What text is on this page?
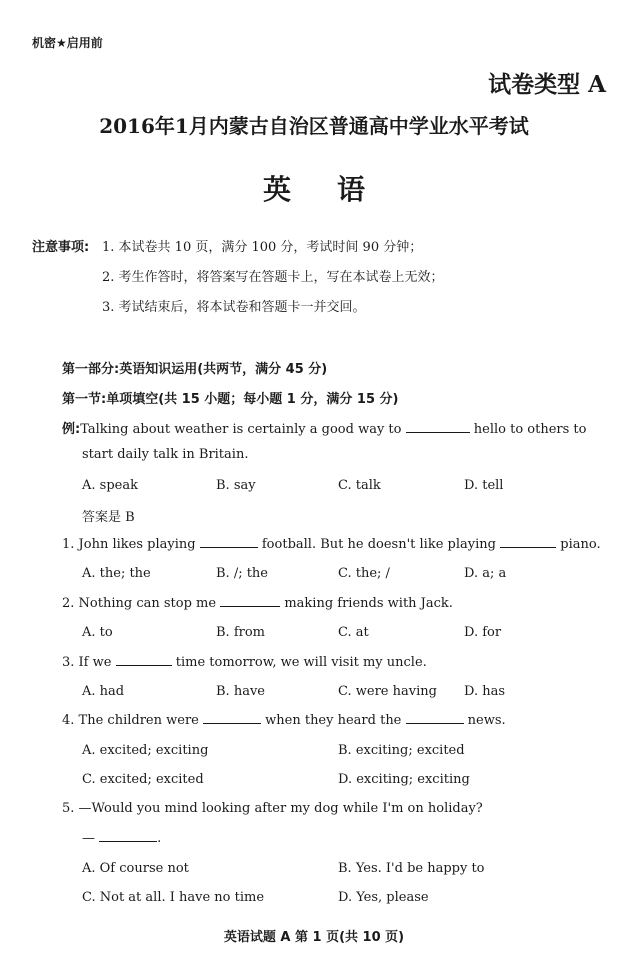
机密★启用前
试卷类型 A
2016年1月内蒙古自治区普通高中学业水平考试
英语
注意事项: 1. 本试卷共 10 页，满分 100 分，考试时间 90 分钟；
2. 考生作答时，将答案写在答题卡上，写在本试卷上无效；
3. 考试结束后，将本试卷和答题卡一并交回。
第一部分:英语知识运用(共两节，满分 45 分)
第一节:单项填空(共 15 小题；每小题 1 分，满分 15 分)
例:Talking about weather is certainly a good way to	hello to others to
start daily talk in Britain.
A. speak	B. say	C. talk	D. tell
答案是 B
1. John likes playing	football. But he doesn't like playing	piano.
A. the; the	B. /; the	C. the; /	D. a; a
2. Nothing can stop me	making friends with Jack.
A. to	B. from	C. at	D. for
3. If we	time tomorrow, we will visit my uncle.
A. had	B. have	C. were having D. has
4. The children were	when they heard the	news.
A. excited; exciting	B. exciting; excited
C. excited; excited	D. exciting; exciting
5. —Would you mind looking after my dog while I'm on holiday?
—	.
A. Of course not	B. Yes. I'd be happy to
C. Not at all. I have no time	D. Yes, please
英语试题 A 第 1 页(共 10 页)
